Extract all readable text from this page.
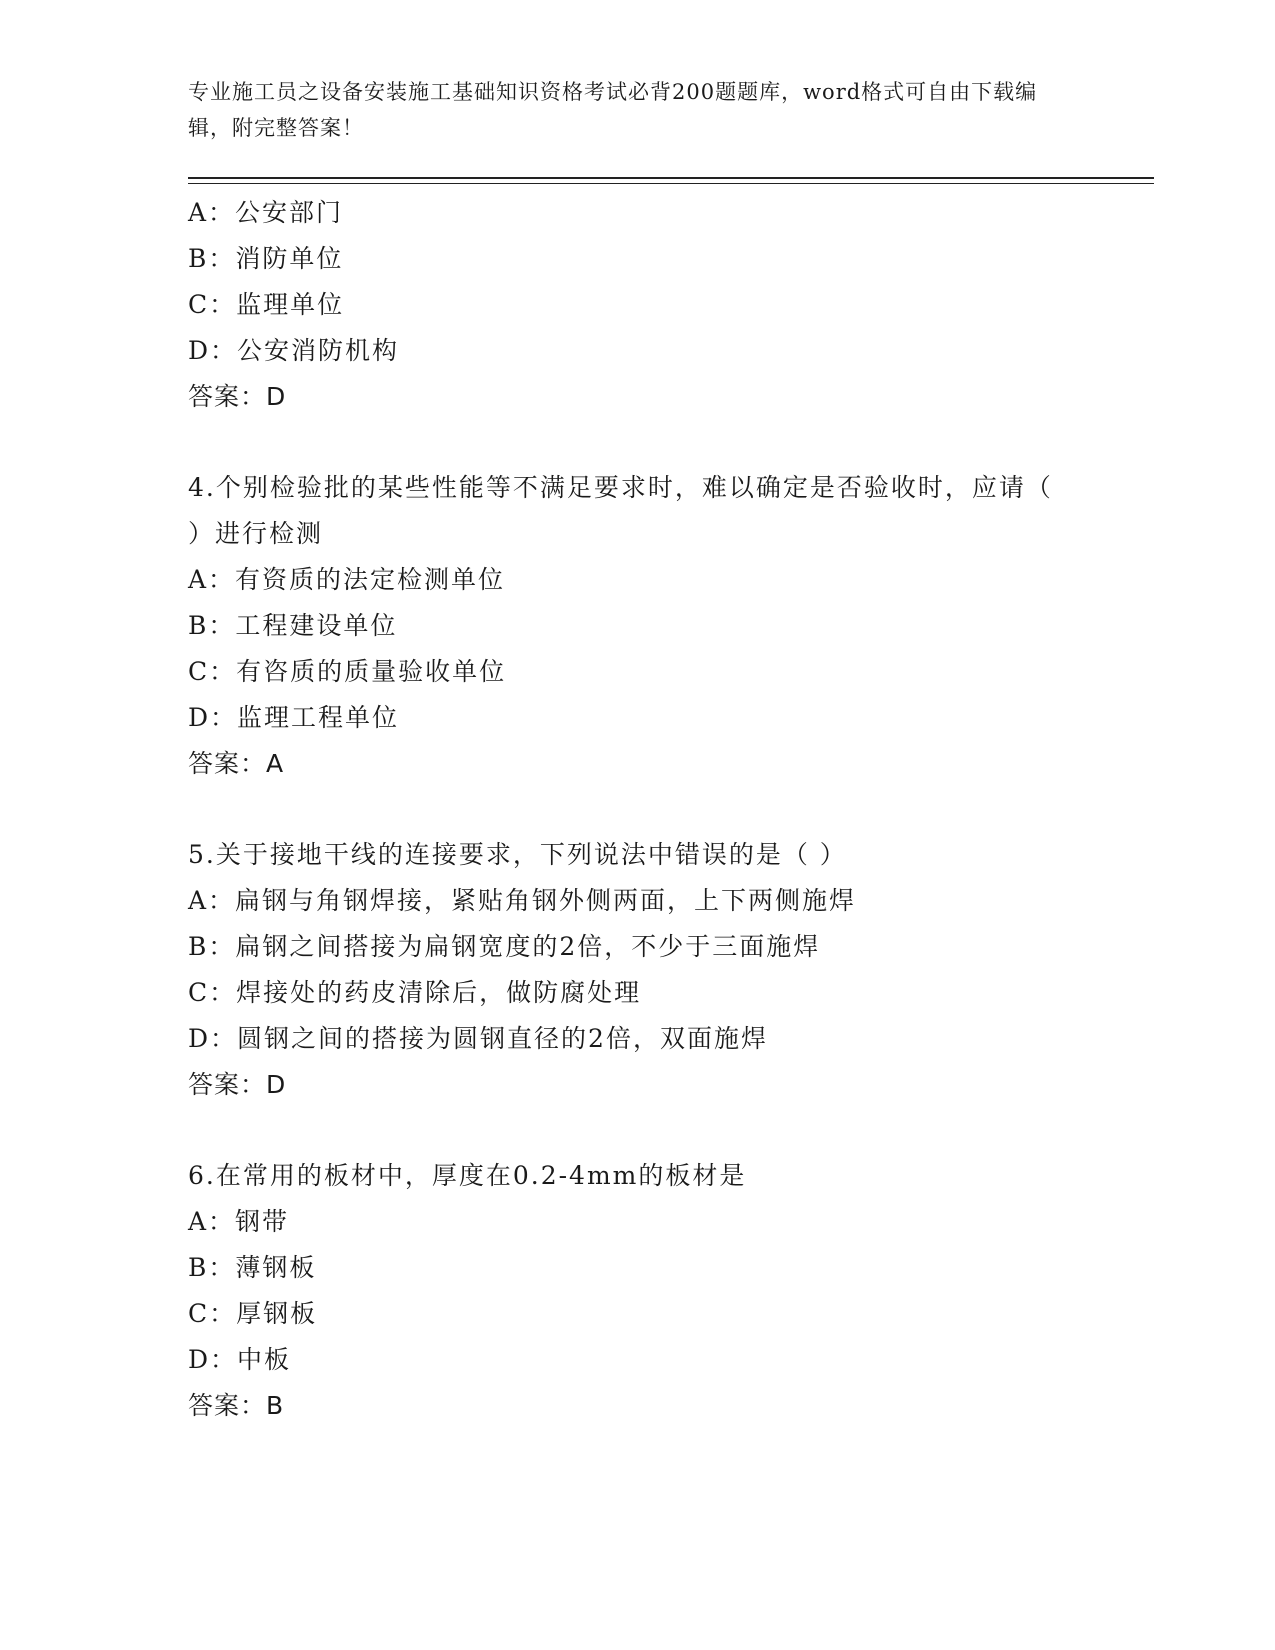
专业施工员之设备安装施工基础知识资格考试必背200题题库，word格式可自由下载编辑，附完整答案！
A：公安部门
B：消防单位
C：监理单位
D：公安消防机构
答案：D
4.个别检验批的某些性能等不满足要求时，难以确定是否验收时，应请（ ）进行检测
A：有资质的法定检测单位
B：工程建设单位
C：有咨质的质量验收单位
D：监理工程单位
答案：A
5.关于接地干线的连接要求，下列说法中错误的是（ ）
A：扁钢与角钢焊接，紧贴角钢外侧两面，上下两侧施焊
B：扁钢之间搭接为扁钢宽度的2倍，不少于三面施焊
C：焊接处的药皮清除后，做防腐处理
D：圆钢之间的搭接为圆钢直径的2倍，双面施焊
答案：D
6.在常用的板材中，厚度在0.2-4mm的板材是
A：钢带
B：薄钢板
C：厚钢板
D：中板
答案：B
